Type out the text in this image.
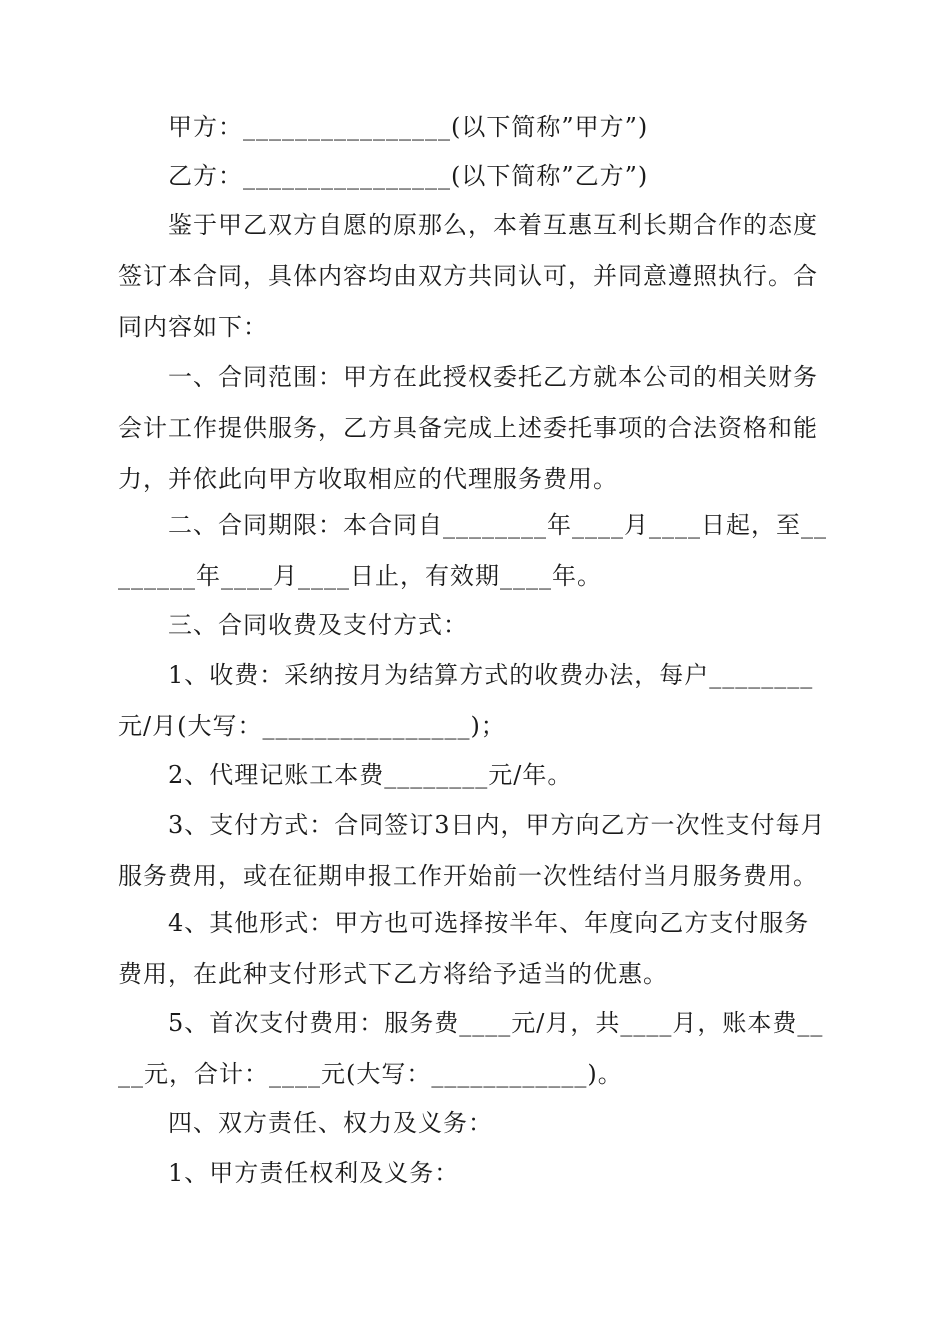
甲方：________________(以下简称”甲方”)

乙方：________________(以下简称”乙方”)

鉴于甲乙双方自愿的原那么，本着互惠互利长期合作的态度签订本合同，具体内容均由双方共同认可，并同意遵照执行。合同内容如下：

一、合同范围：甲方在此授权委托乙方就本公司的相关财务会计工作提供服务，乙方具备完成上述委托事项的合法资格和能力，并依此向甲方收取相应的代理服务费用。

二、合同期限：本合同自________年____月____日起，至________年____月____日止，有效期____年。

三、合同收费及支付方式：

1、收费：采纳按月为结算方式的收费办法，每户________元/月(大写：________________)；

2、代理记账工本费________元/年。

3、支付方式：合同签订3日内，甲方向乙方一次性支付每月服务费用，或在征期申报工作开始前一次性结付当月服务费用。

4、其他形式：甲方也可选择按半年、年度向乙方支付服务费用，在此种支付形式下乙方将给予适当的优惠。

5、首次支付费用：服务费____元/月，共____月，账本费____元，合计：____元(大写：____________)。

四、双方责任、权力及义务：

1、甲方责任权利及义务：
